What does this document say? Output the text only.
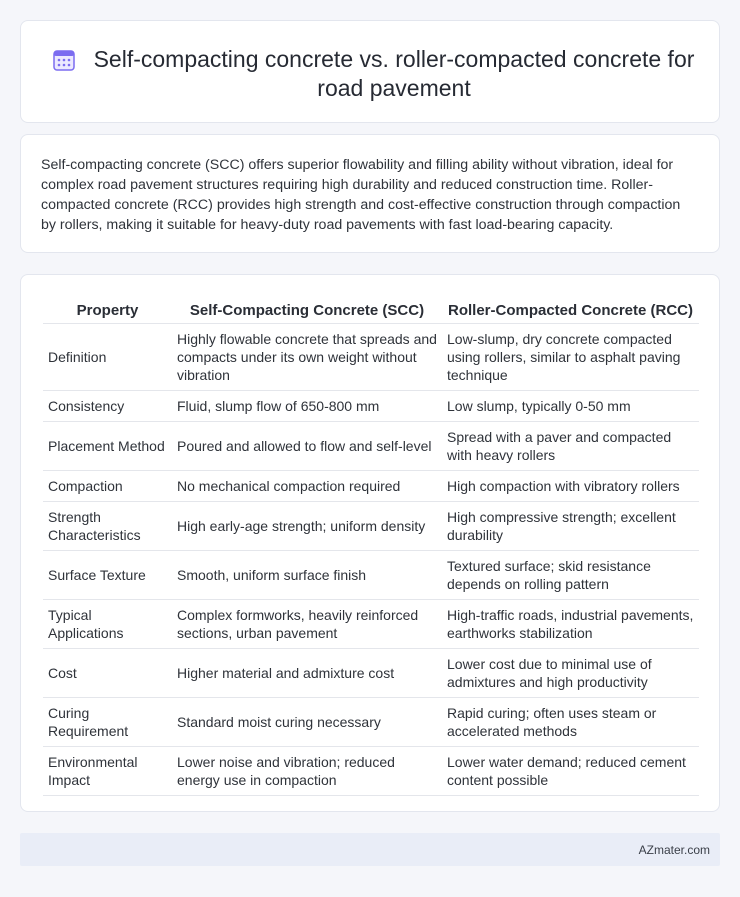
Self-compacting concrete vs. roller-compacted concrete for road pavement

Self-compacting concrete (SCC) offers superior flowability and filling ability without vibration, ideal for complex road pavement structures requiring high durability and reduced construction time. Roller-compacted concrete (RCC) provides high strength and cost-effective construction through compaction by rollers, making it suitable for heavy-duty road pavements with fast load-bearing capacity.

Property	Self-Compacting Concrete (SCC)	Roller-Compacted Concrete (RCC)
Definition	Highly flowable concrete that spreads and compacts under its own weight without vibration	Low-slump, dry concrete compacted using rollers, similar to asphalt paving technique
Consistency	Fluid, slump flow of 650-800 mm	Low slump, typically 0-50 mm
Placement Method	Poured and allowed to flow and self-level	Spread with a paver and compacted with heavy rollers
Compaction	No mechanical compaction required	High compaction with vibratory rollers
Strength Characteristics	High early-age strength; uniform density	High compressive strength; excellent durability
Surface Texture	Smooth, uniform surface finish	Textured surface; skid resistance depends on rolling pattern
Typical Applications	Complex formworks, heavily reinforced sections, urban pavement	High-traffic roads, industrial pavements, earthworks stabilization
Cost	Higher material and admixture cost	Lower cost due to minimal use of admixtures and high productivity
Curing Requirement	Standard moist curing necessary	Rapid curing; often uses steam or accelerated methods
Environmental Impact	Lower noise and vibration; reduced energy use in compaction	Lower water demand; reduced cement content possible
AZmater.com
